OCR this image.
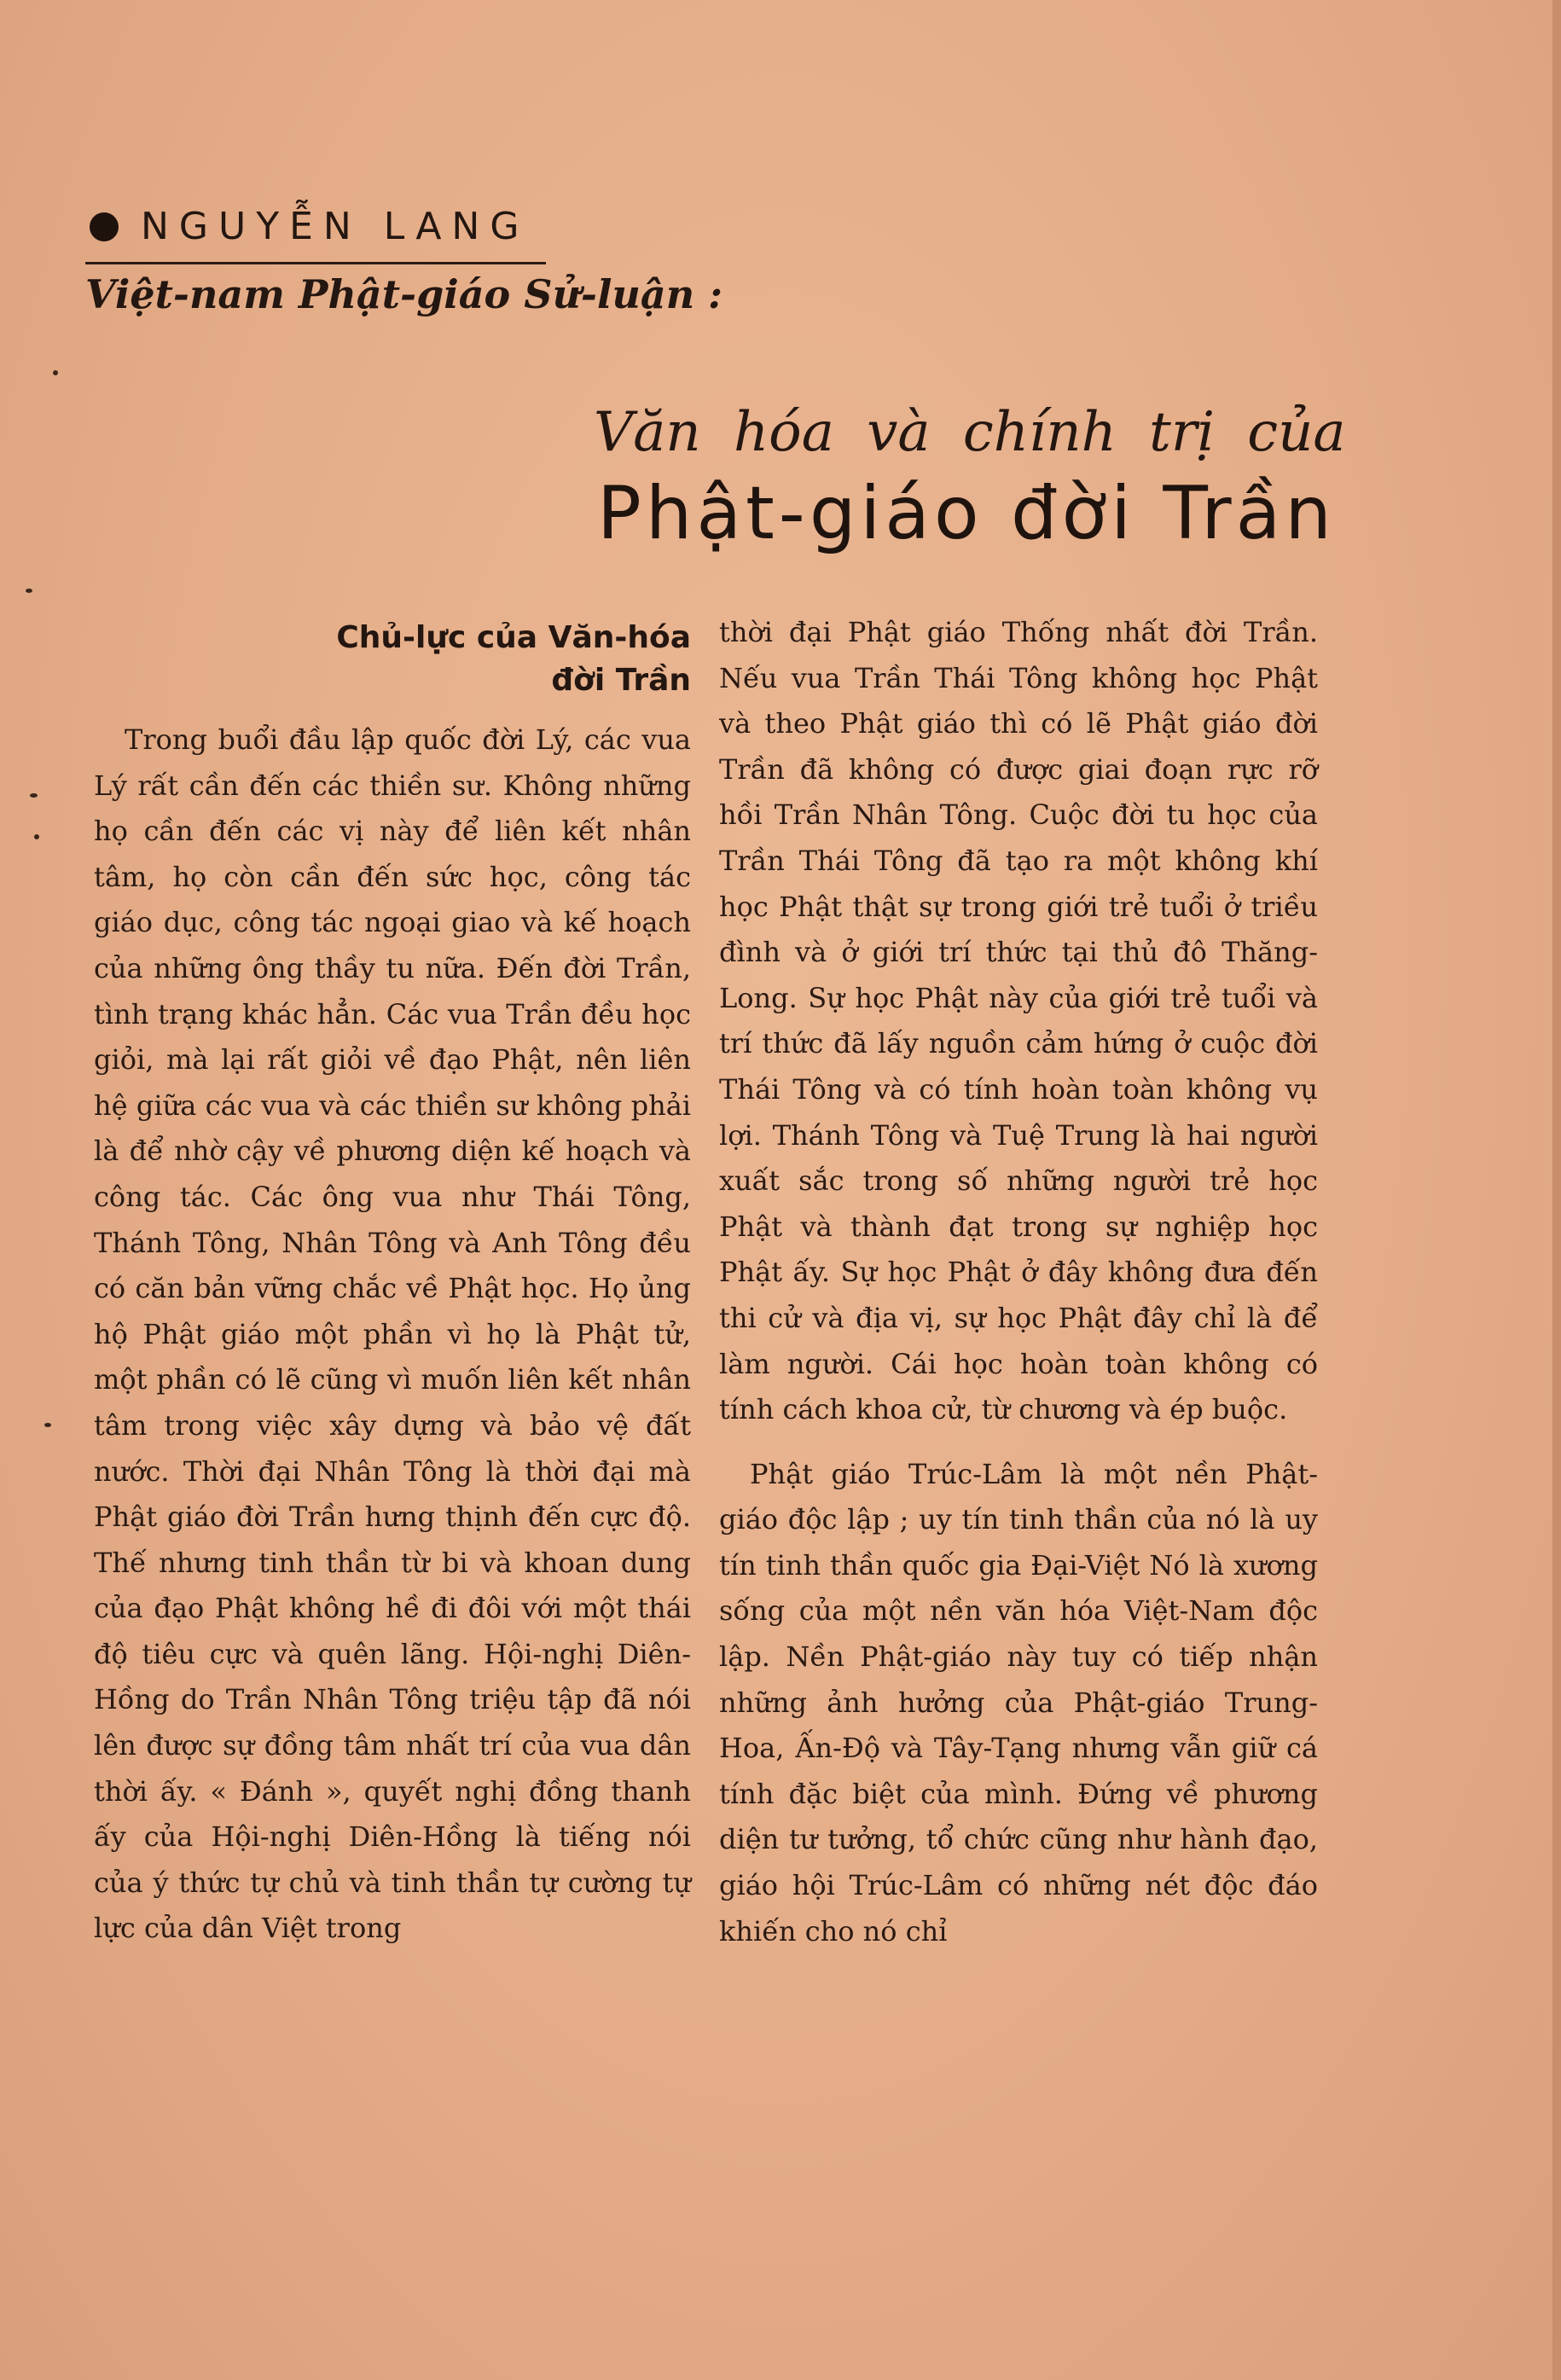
NGUYỄN LANG
Việt-nam Phật-giáo Sử-luận :
Văn hóa và chính trị của
Phật-giáo đời Trần
Chủ-lực của Văn-hóa
đời Trần

Trong buổi đầu lập quốc đời Lý, các vua Lý rất cần đến các thiền sư. Không những họ cần đến các vị này để liên kết nhân tâm, họ còn cần đến sức học, công tác giáo dục, công tác ngoại giao và kế hoạch của những ông thầy tu nữa. Đến đời Trần, tình trạng khác hẳn. Các vua Trần đều học giỏi, mà lại rất giỏi về đạo Phật, nên liên hệ giữa các vua và các thiền sư không phải là để nhờ cậy về phương diện kế hoạch và công tác. Các ông vua như Thái Tông, Thánh Tông, Nhân Tông và Anh Tông đều có căn bản vững chắc về Phật học. Họ ủng hộ Phật giáo một phần vì họ là Phật tử, một phần có lẽ cũng vì muốn liên kết nhân tâm trong việc xây dựng và bảo vệ đất nước. Thời đại Nhân Tông là thời đại mà Phật giáo đời Trần hưng thịnh đến cực độ. Thế nhưng tinh thần từ bi và khoan dung của đạo Phật không hề đi đôi với một thái độ tiêu cực và quên lãng. Hội-nghị Diên-Hồng do Trần Nhân Tông triệu tập đã nói lên được sự đồng tâm nhất trí của vua dân thời ấy. « Đánh », quyết nghị đồng thanh ấy của Hội-nghị Diên-Hồng là tiếng nói của ý thức tự chủ và tinh thần tự cường tự lực của dân Việt trong

thời đại Phật giáo Thống nhất đời Trần. Nếu vua Trần Thái Tông không học Phật và theo Phật giáo thì có lẽ Phật giáo đời Trần đã không có được giai đoạn rực rỡ hồi Trần Nhân Tông. Cuộc đời tu học của Trần Thái Tông đã tạo ra một không khí học Phật thật sự trong giới trẻ tuổi ở triều đình và ở giới trí thức tại thủ đô Thăng-Long. Sự học Phật này của giới trẻ tuổi và trí thức đã lấy nguồn cảm hứng ở cuộc đời Thái Tông và có tính hoàn toàn không vụ lợi. Thánh Tông và Tuệ Trung là hai người xuất sắc trong số những người trẻ học Phật và thành đạt trong sự nghiệp học Phật ấy. Sự học Phật ở đây không đưa đến thi cử và địa vị, sự học Phật đây chỉ là để làm người. Cái học hoàn toàn không có tính cách khoa cử, từ chương và ép buộc.

Phật giáo Trúc-Lâm là một nền Phật-giáo độc lập ; uy tín tinh thần của nó là uy tín tinh thần quốc gia Đại-Việt Nó là xương sống của một nền văn hóa Việt-Nam độc lập. Nền Phật-giáo này tuy có tiếp nhận những ảnh hưởng của Phật-giáo Trung-Hoa, Ấn-Độ và Tây-Tạng nhưng vẫn giữ cá tính đặc biệt của mình. Đứng về phương diện tư tưởng, tổ chức cũng như hành đạo, giáo hội Trúc-Lâm có những nét độc đáo khiến cho nó chỉ
